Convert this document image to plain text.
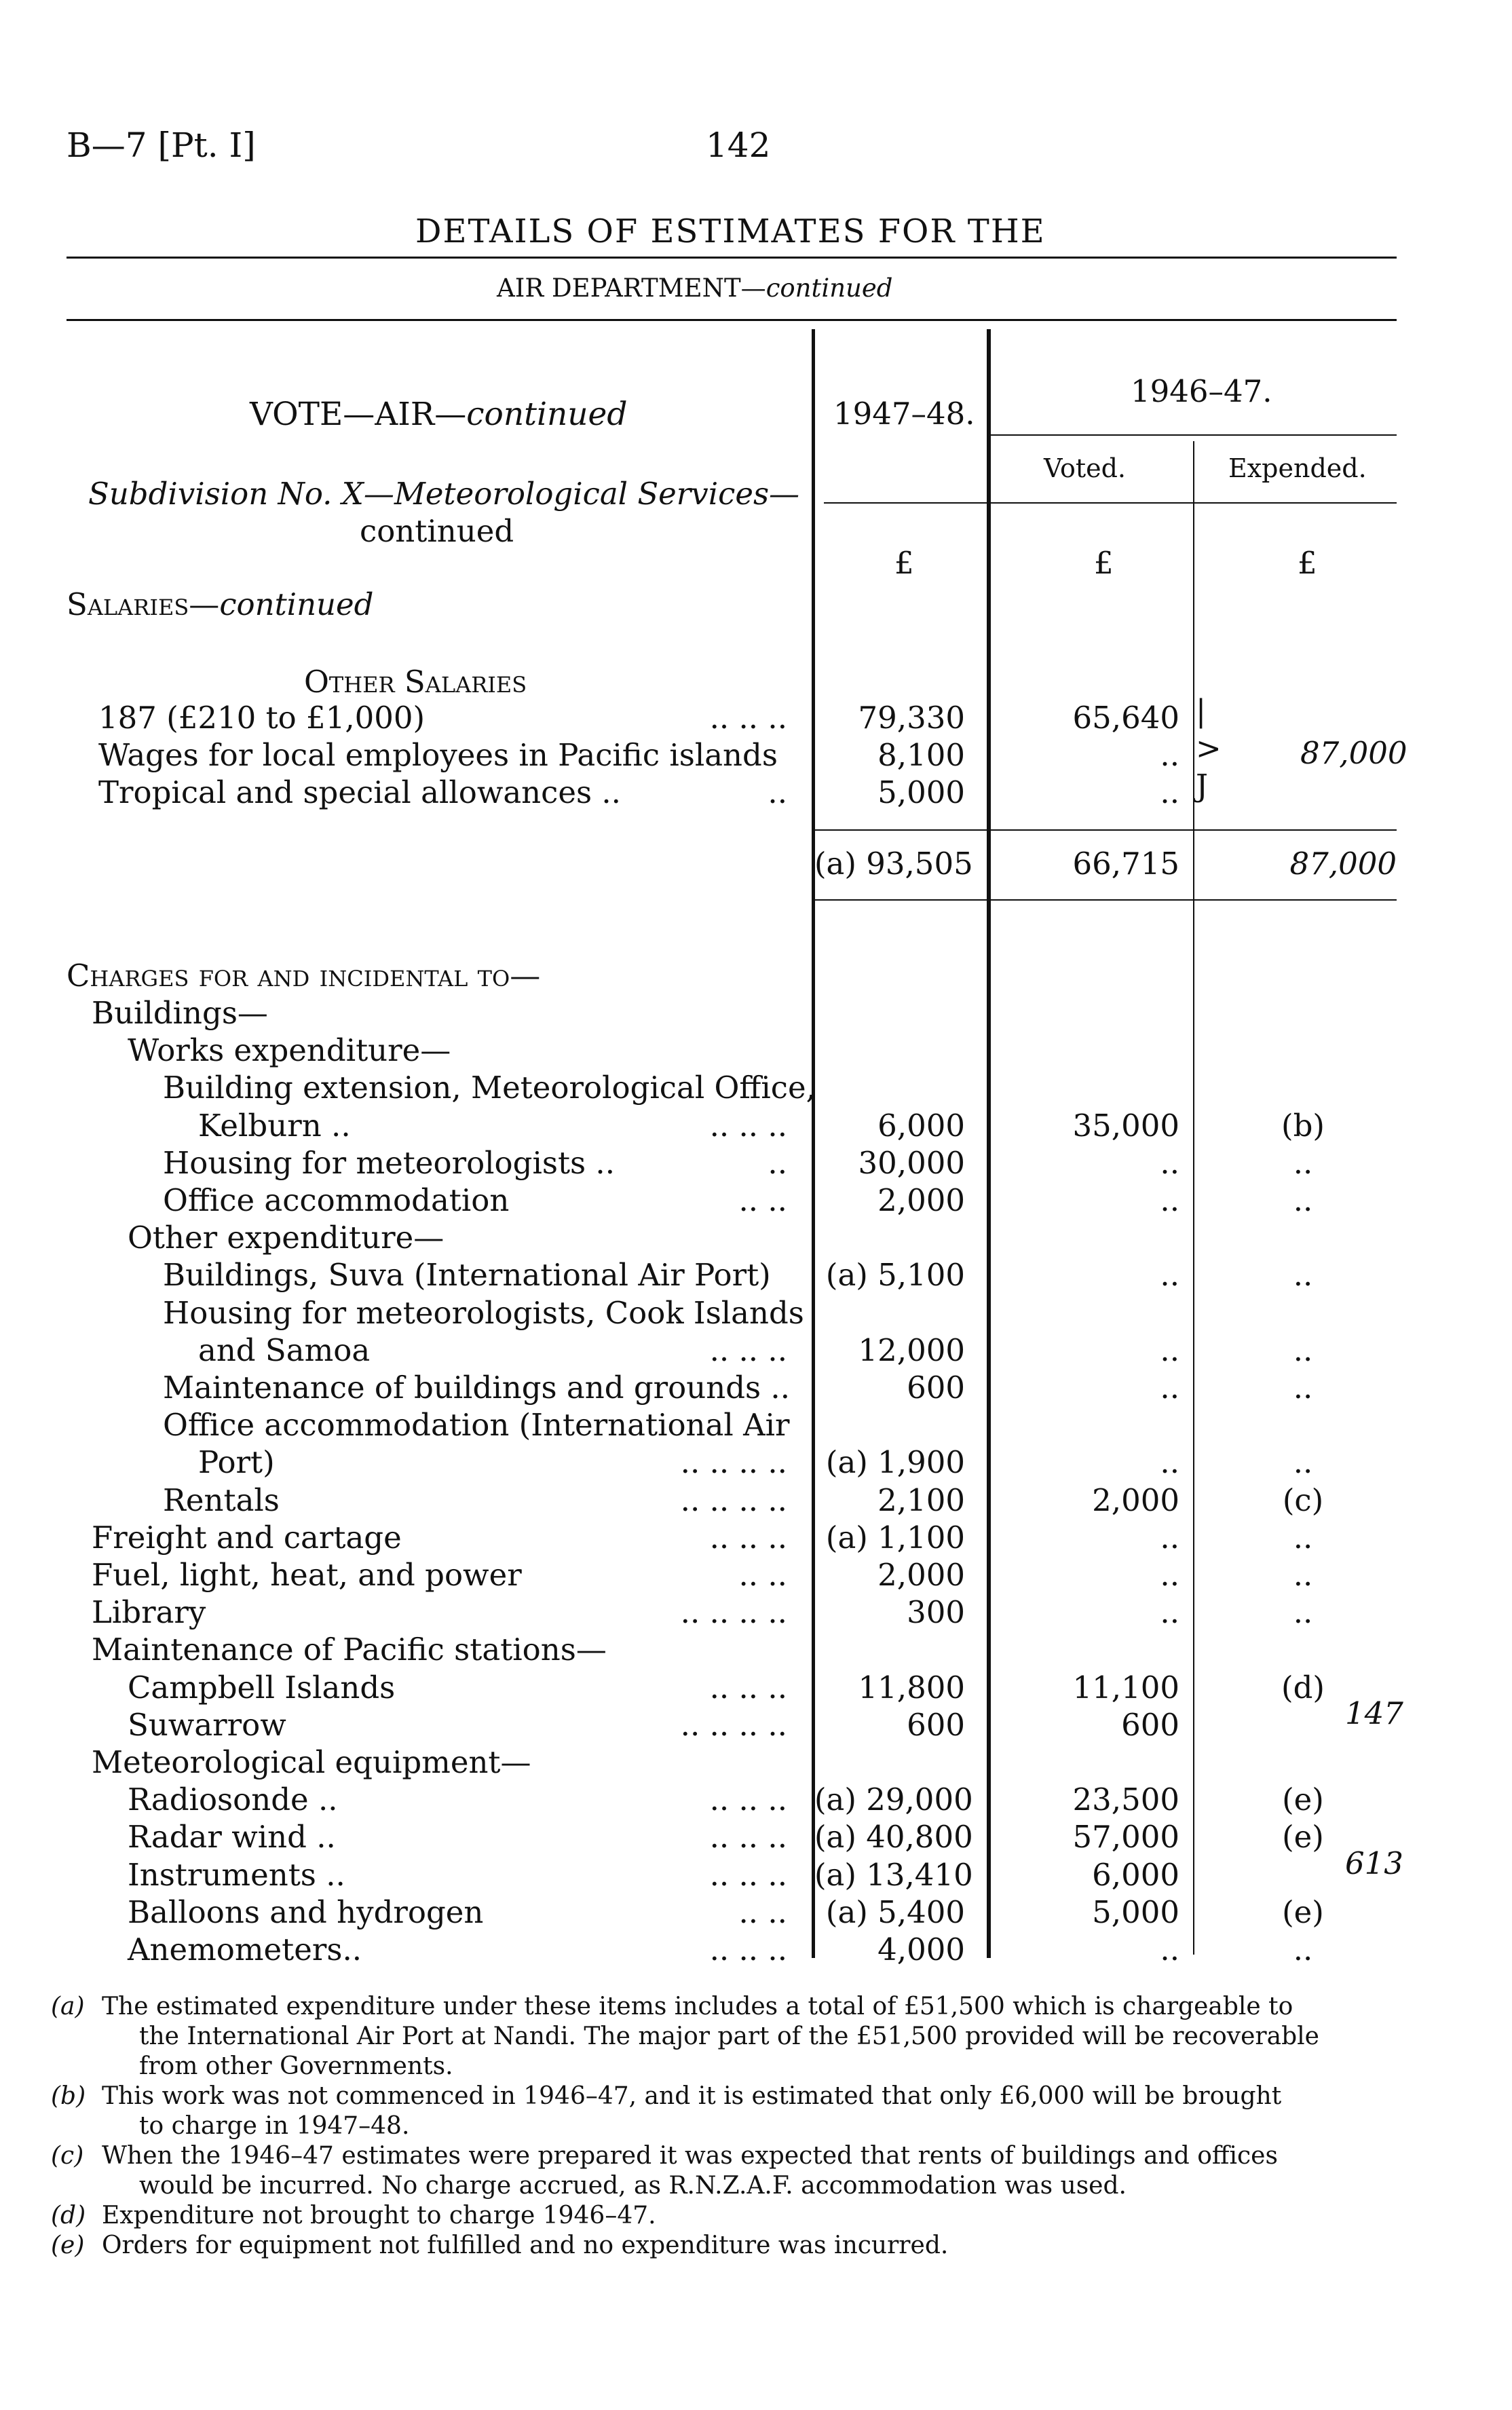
B—7 [Pt. I]	142
DETAILS OF ESTIMATES FOR THE
AIR DEPARTMENT—continued
1947–48.
1946–47.
Voted.	Expended.
£	£	£
VOTE—AIR—continued
Subdivision No. X—Meteorological Services—
continued
Salaries—continued
Other Salaries
187 (£210 to £1,000)	.. .. ..	79,330	65,640
Wages for local employees in Pacific islands	8,100	..
Tropical and special allowances ..	..	5,000	..
|
>
J
87,000
(a) 93,505	66,715	87,000
Charges for and incidental to—
Buildings—
Works expenditure—
Building extension, Meteorological Office,
Kelburn ..	.. .. ..	6,000	35,000	(b)
Housing for meteorologists ..	..	30,000	..	..
Office accommodation	.. ..	2,000	..	..
Other expenditure—
Buildings, Suva (International Air Port)	(a) 5,100	..	..
Housing for meteorologists, Cook Islands
and Samoa	.. .. ..	12,000	..	..
Maintenance of buildings and grounds ..	600	..	..
Office accommodation (International Air
Port)	.. .. .. ..	(a) 1,900	..	..
Rentals	.. .. .. ..	2,100	2,000	(c)
Freight and cartage	.. .. ..	(a) 1,100	..	..
Fuel, light, heat, and power	.. ..	2,000	..	..
Library	.. .. .. ..	300	..	..
Maintenance of Pacific stations—
Campbell Islands	.. .. ..	11,800	11,100	(d)
Suwarrow	.. .. .. ..	600	600
Meteorological equipment—
Radiosonde ..	.. .. .. (a) 29,000	23,500	(e)
Radar wind ..	.. .. .. (a) 40,800	57,000	(e)
Instruments ..	.. .. .. (a) 13,410	6,000
Balloons and hydrogen	.. ..	(a) 5,400	5,000	(e)
Anemometers..	.. .. ..	4,000	..	..
147
613
(a) The estimated expenditure under these items includes a total of £51,500 which is chargeable to
the International Air Port at Nandi. The major part of the £51,500 provided will be recoverable
from other Governments.
(b) This work was not commenced in 1946–47, and it is estimated that only £6,000 will be brought
to charge in 1947–48.
(c) When the 1946–47 estimates were prepared it was expected that rents of buildings and offices
would be incurred. No charge accrued, as R.N.Z.A.F. accommodation was used.
(d) Expenditure not brought to charge 1946–47.
(e) Orders for equipment not fulfilled and no expenditure was incurred.
